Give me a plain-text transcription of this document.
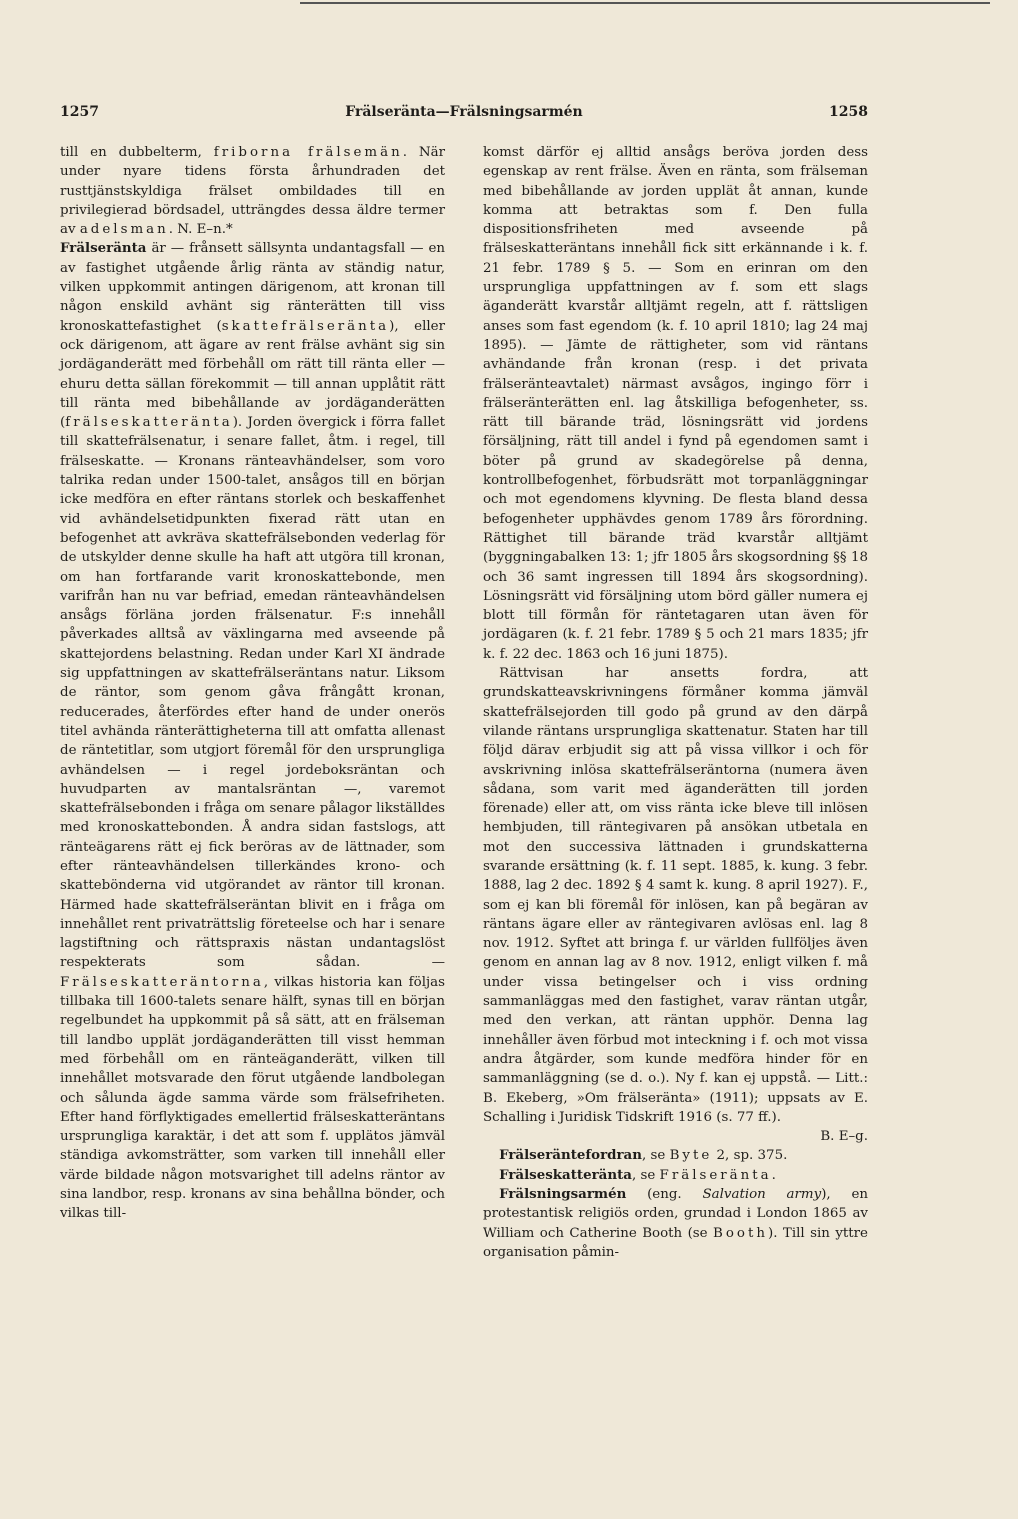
1257	Frälseränta—Frälsningsarmén	1258

till en dubbelterm, friborna frälsemän. När under nyare tidens första århundraden det rusttjänstskyldiga frälset ombildades till en privilegierad bördsadel, utträngdes dessa äldre termer av adelsman. N. E–n.*

Frälseränta är — frånsett sällsynta undantagsfall — en av fastighet utgående årlig ränta av ständig natur, vilken uppkommit antingen därigenom, att kronan till någon enskild avhänt sig ränterätten till viss kronoskattefastighet (skattefrälseränta), eller ock därigenom, att ägare av rent frälse avhänt sig sin jordäganderätt med förbehåll om rätt till ränta eller — ehuru detta sällan förekommit — till annan upplåtit rätt till ränta med bibehållande av jordäganderätten (frälseskatteränta). Jorden övergick i förra fallet till skattefrälsenatur, i senare fallet, åtm. i regel, till frälseskatte. — Kronans ränteavhändelser, som voro talrika redan under 1500-talet, ansågos till en början icke medföra en efter räntans storlek och beskaffenhet vid avhändelsetidpunkten fixerad rätt utan en befogenhet att avkräva skattefrälsebonden vederlag för de utskylder denne skulle ha haft att utgöra till kronan, om han fortfarande varit kronoskattebonde, men varifrån han nu var befriad, emedan ränteavhändelsen ansågs förläna jorden frälsenatur. F:s innehåll påverkades alltså av växlingarna med avseende på skattejordens belastning. Redan under Karl XI ändrade sig uppfattningen av skattefrälseräntans natur. Liksom de räntor, som genom gåva frångått kronan, reducerades, återfördes efter hand de under onerös titel avhända ränterättigheterna till att omfatta allenast de räntetitlar, som utgjort föremål för den ursprungliga avhändelsen — i regel jordeboksräntan och huvudparten av mantalsräntan —, varemot skattefrälsebonden i fråga om senare pålagor likställdes med kronoskattebonden. Å andra sidan fastslogs, att ränteägarens rätt ej fick beröras av de lättnader, som efter ränteavhändelsen tillerkändes krono- och skattebönderna vid utgörandet av räntor till kronan. Härmed hade skattefrälseräntan blivit en i fråga om innehållet rent privaträttslig företeelse och har i senare lagstiftning och rättspraxis nästan undantagslöst respekterats som sådan. — Frälseskatteräntorna, vilkas historia kan följas tillbaka till 1600-talets senare hälft, synas till en början regelbundet ha uppkommit på så sätt, att en frälseman till landbo upplät jordäganderätten till visst hemman med förbehåll om en ränteäganderätt, vilken till innehållet motsvarade den förut utgående landbolegan och sålunda ägde samma värde som frälsefriheten. Efter hand förflyktigades emellertid frälseskatteräntans ursprungliga karaktär, i det att som f. upplätos jämväl ständiga avkomsträtter, som varken till innehåll eller värde bildade någon motsvarighet till adelns räntor av sina landbor, resp. kronans av sina behållna bönder, och vilkas till-

komst därför ej alltid ansågs beröva jorden dess egenskap av rent frälse. Även en ränta, som frälseman med bibehållande av jorden upplät åt annan, kunde komma att betraktas som f. Den fulla dispositionsfriheten med avseende på frälseskatteräntans innehåll fick sitt erkännande i k. f. 21 febr. 1789 § 5. — Som en erinran om den ursprungliga uppfattningen av f. som ett slags äganderätt kvarstår alltjämt regeln, att f. rättsligen anses som fast egendom (k. f. 10 april 1810; lag 24 maj 1895). — Jämte de rättigheter, som vid räntans avhändande från kronan (resp. i det privata frälseränteavtalet) närmast avsågos, ingingo förr i frälseränterätten enl. lag åtskilliga befogenheter, ss. rätt till bärande träd, lösningsrätt vid jordens försäljning, rätt till andel i fynd på egendomen samt i böter på grund av skadegörelse på denna, kontrollbefogenhet, förbudsrätt mot torpanläggningar och mot egendomens klyvning. De flesta bland dessa befogenheter upphävdes genom 1789 års förordning. Rättighet till bärande träd kvarstår alltjämt (byggningabalken 13: 1; jfr 1805 års skogsordning §§ 18 och 36 samt ingressen till 1894 års skogsordning). Lösningsrätt vid försäljning utom börd gäller numera ej blott till förmån för räntetagaren utan även för jordägaren (k. f. 21 febr. 1789 § 5 och 21 mars 1835; jfr k. f. 22 dec. 1863 och 16 juni 1875).

Rättvisan har ansetts fordra, att grundskatteavskrivningens förmåner komma jämväl skattefrälsejorden till godo på grund av den därpå vilande räntans ursprungliga skattenatur. Staten har till följd därav erbjudit sig att på vissa villkor i och för avskrivning inlösa skattefrälseräntorna (numera även sådana, som varit med äganderätten till jorden förenade) eller att, om viss ränta icke bleve till inlösen hembjuden, till räntegivaren på ansökan utbetala en mot den successiva lättnaden i grundskatterna svarande ersättning (k. f. 11 sept. 1885, k. kung. 3 febr. 1888, lag 2 dec. 1892 § 4 samt k. kung. 8 april 1927). F., som ej kan bli föremål för inlösen, kan på begäran av räntans ägare eller av räntegivaren avlösas enl. lag 8 nov. 1912. Syftet att bringa f. ur världen fullföljes även genom en annan lag av 8 nov. 1912, enligt vilken f. må under vissa betingelser och i viss ordning sammanläggas med den fastighet, varav räntan utgår, med den verkan, att räntan upphör. Denna lag innehåller även förbud mot inteckning i f. och mot vissa andra åtgärder, som kunde medföra hinder för en sammanläggning (se d. o.). Ny f. kan ej uppstå. — Litt.: B. Ekeberg, »Om frälseränta» (1911); uppsats av E. Schalling i Juridisk Tidskrift 1916 (s. 77 ff.).
B. E–g.

Frälseräntefordran, se Byte 2, sp. 375.

Frälseskatteränta, se Frälseränta.

Frälsningsarmén (eng. Salvation army), en protestantisk religiös orden, grundad i London 1865 av William och Catherine Booth (se Booth). Till sin yttre organisation påmin-
